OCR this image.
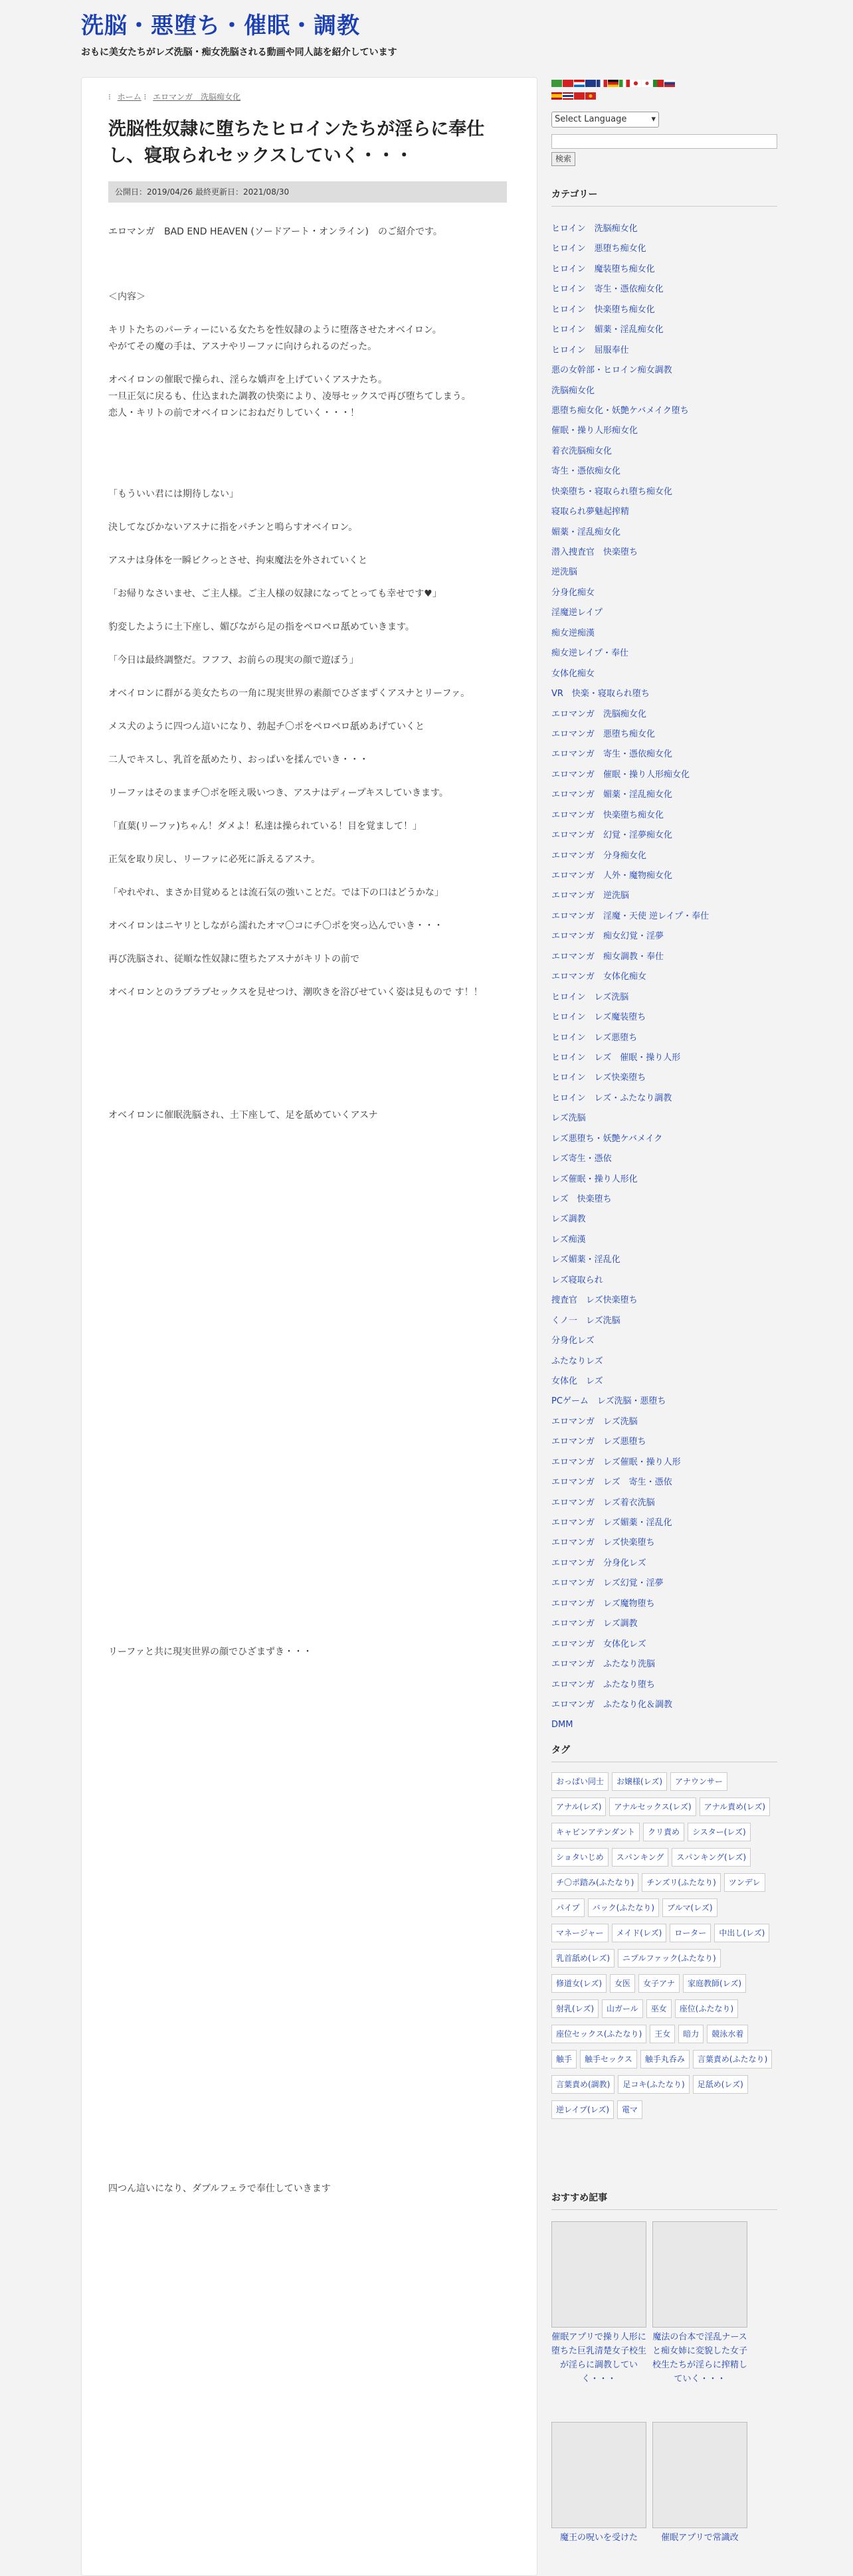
洗脳・悪堕ち・催眠・調教
おもに美女たちがレズ洗脳・痴女洗脳される動画や同人誌を紹介しています
⁝ ホーム ⁝ エロマンガ　洗脳痴女化
洗脳性奴隷に堕ちたヒロインたちが淫らに奉仕し、寝取られセックスしていく・・・
公開日：2019/04/26 最終更新日：2021/08/30

エロマンガ　BAD END HEAVEN (ソードアート・オンライン)　のご紹介です。

＜内容＞

キリトたちのパーティーにいる女たちを性奴隷のように堕落させたオベイロン。

やがてその魔の手は、アスナやリーファに向けられるのだった。

オベイロンの催眠で操られ、淫らな嬌声を上げていくアスナたち。

一旦正気に戻るも、仕込まれた調教の快楽により、凌辱セックスで再び堕ちてしまう。

恋人・キリトの前でオベイロンにおねだりしていく・・・！

「もういい君には期待しない」

決してなびかないアスナに指をパチンと鳴らすオベイロン。

アスナは身体を一瞬ビクっとさせ、拘束魔法を外されていくと

「お帰りなさいませ、ご主人様。ご主人様の奴隷になってとっても幸せです♥」

豹変したように土下座し、媚びながら足の指をペロペロ舐めていきます。

「今日は最終調整だ。フフフ、お前らの現実の顔で遊ぼう」

オベイロンに群がる美女たちの一角に現実世界の素顔でひざまずくアスナとリーファ。

メス犬のように四つん這いになり、勃起チ〇ポをペロペロ舐めあげていくと

二人でキスし、乳首を舐めたり、おっぱいを揉んでいき・・・

リーファはそのままチ〇ポを咥え吸いつき、アスナはディープキスしていきます。

「直葉(リーファ)ちゃん！ダメよ！私達は操られている！目を覚まして！」

正気を取り戻し、リーファに必死に訴えるアスナ。

「やれやれ、まさか目覚めるとは流石気の強いことだ。では下の口はどうかな」

オベイロンはニヤリとしながら濡れたオマ〇コにチ〇ポを突っ込んでいき・・・

再び洗脳され、従順な性奴隷に堕ちたアスナがキリトの前で

オベイロンとのラブラブセックスを見せつけ、潮吹きを浴びせていく姿は見もので す！！

オベイロンに催眠洗脳され、土下座して、足を舐めていくアスナ

リーファと共に現実世界の顔でひざまずき・・・

四つん這いになり、ダブルフェラで奉仕していきます

Select Language	▾
検索
カテゴリー
ヒロイン　洗脳痴女化
ヒロイン　悪堕ち痴女化
ヒロイン　魔装堕ち痴女化
ヒロイン　寄生・憑依痴女化
ヒロイン　快楽堕ち痴女化
ヒロイン　媚薬・淫乱痴女化
ヒロイン　屈服奉仕
悪の女幹部・ヒロイン痴女調教
洗脳痴女化
悪堕ち痴女化・妖艶ケバメイク堕ち
催眠・操り人形痴女化
着衣洗脳痴女化
寄生・憑依痴女化
快楽堕ち・寝取られ堕ち痴女化
寝取られ夢魅起搾精
媚薬・淫乱痴女化
潜入捜査官　快楽堕ち
逆洗脳
分身化痴女
淫魔逆レイプ
痴女逆痴漢
痴女逆レイプ・奉仕
女体化痴女
VR　快楽・寝取られ堕ち
エロマンガ　洗脳痴女化
エロマンガ　悪堕ち痴女化
エロマンガ　寄生・憑依痴女化
エロマンガ　催眠・操り人形痴女化
エロマンガ　媚薬・淫乱痴女化
エロマンガ　快楽堕ち痴女化
エロマンガ　幻覚・淫夢痴女化
エロマンガ　分身痴女化
エロマンガ　人外・魔物痴女化
エロマンガ　逆洗脳
エロマンガ　淫魔・天使 逆レイプ・奉仕
エロマンガ　痴女幻覚・淫夢
エロマンガ　痴女調教・奉仕
エロマンガ　女体化痴女
ヒロイン　レズ洗脳
ヒロイン　レズ魔装堕ち
ヒロイン　レズ悪堕ち
ヒロイン　レズ　催眠・操り人形
ヒロイン　レズ快楽堕ち
ヒロイン　レズ・ふたなり調教
レズ洗脳
レズ悪堕ち・妖艶ケバメイク
レズ寄生・憑依
レズ催眠・操り人形化
レズ　快楽堕ち
レズ調教
レズ痴漢
レズ媚薬・淫乱化
レズ寝取られ
捜査官　レズ快楽堕ち
くノ一　レズ洗脳
分身化レズ
ふたなりレズ
女体化　レズ
PCゲーム　レズ洗脳・悪堕ち
エロマンガ　レズ洗脳
エロマンガ　レズ悪堕ち
エロマンガ　レズ催眠・操り人形
エロマンガ　レズ　寄生・憑依
エロマンガ　レズ着衣洗脳
エロマンガ　レズ媚薬・淫乱化
エロマンガ　レズ快楽堕ち
エロマンガ　分身化レズ
エロマンガ　レズ幻覚・淫夢
エロマンガ　レズ魔物堕ち
エロマンガ　レズ調教
エロマンガ　女体化レズ
エロマンガ　ふたなり洗脳
エロマンガ　ふたなり堕ち
エロマンガ　ふたなり化＆調教
DMM
タグ
おっぱい同士 お嬢様(レズ) アナウンサーアナル(レズ) アナルセックス(レズ) アナル責め(レズ)キャビンアテンダント クリ責め シスター(レズ)ショタいじめ スパンキング スパンキング(レズ)チ〇ポ踏み(ふたなり) チンズリ(ふたなり) ツンデレパイプ バック(ふたなり) ブルマ(レズ)マネージャー メイド(レズ) ローター 中出し(レズ)乳首舐め(レズ) ニプルファック(ふたなり)修道女(レズ) 女医 女子アナ 家庭教師(レズ)射乳(レズ) 山ガール 巫女 座位(ふたなり)座位セックス(ふたなり) 王女 暗力 競泳水着触手 触手セックス 触手丸呑み 言葉責め(ふたなり)言葉責め(調教) 足コキ(ふたなり) 足舐め(レズ)逆レイプ(レズ) 電マ
おすすめ記事
催眠アプリで操り人形に堕ちた巨乳清楚女子校生が淫らに調教していく・・・
魔法の台本で淫乱ナースと痴女姉に変貌した女子校生たちが淫らに搾精していく・・・
魔王の呪いを受けた	催眠アプリで常識改
